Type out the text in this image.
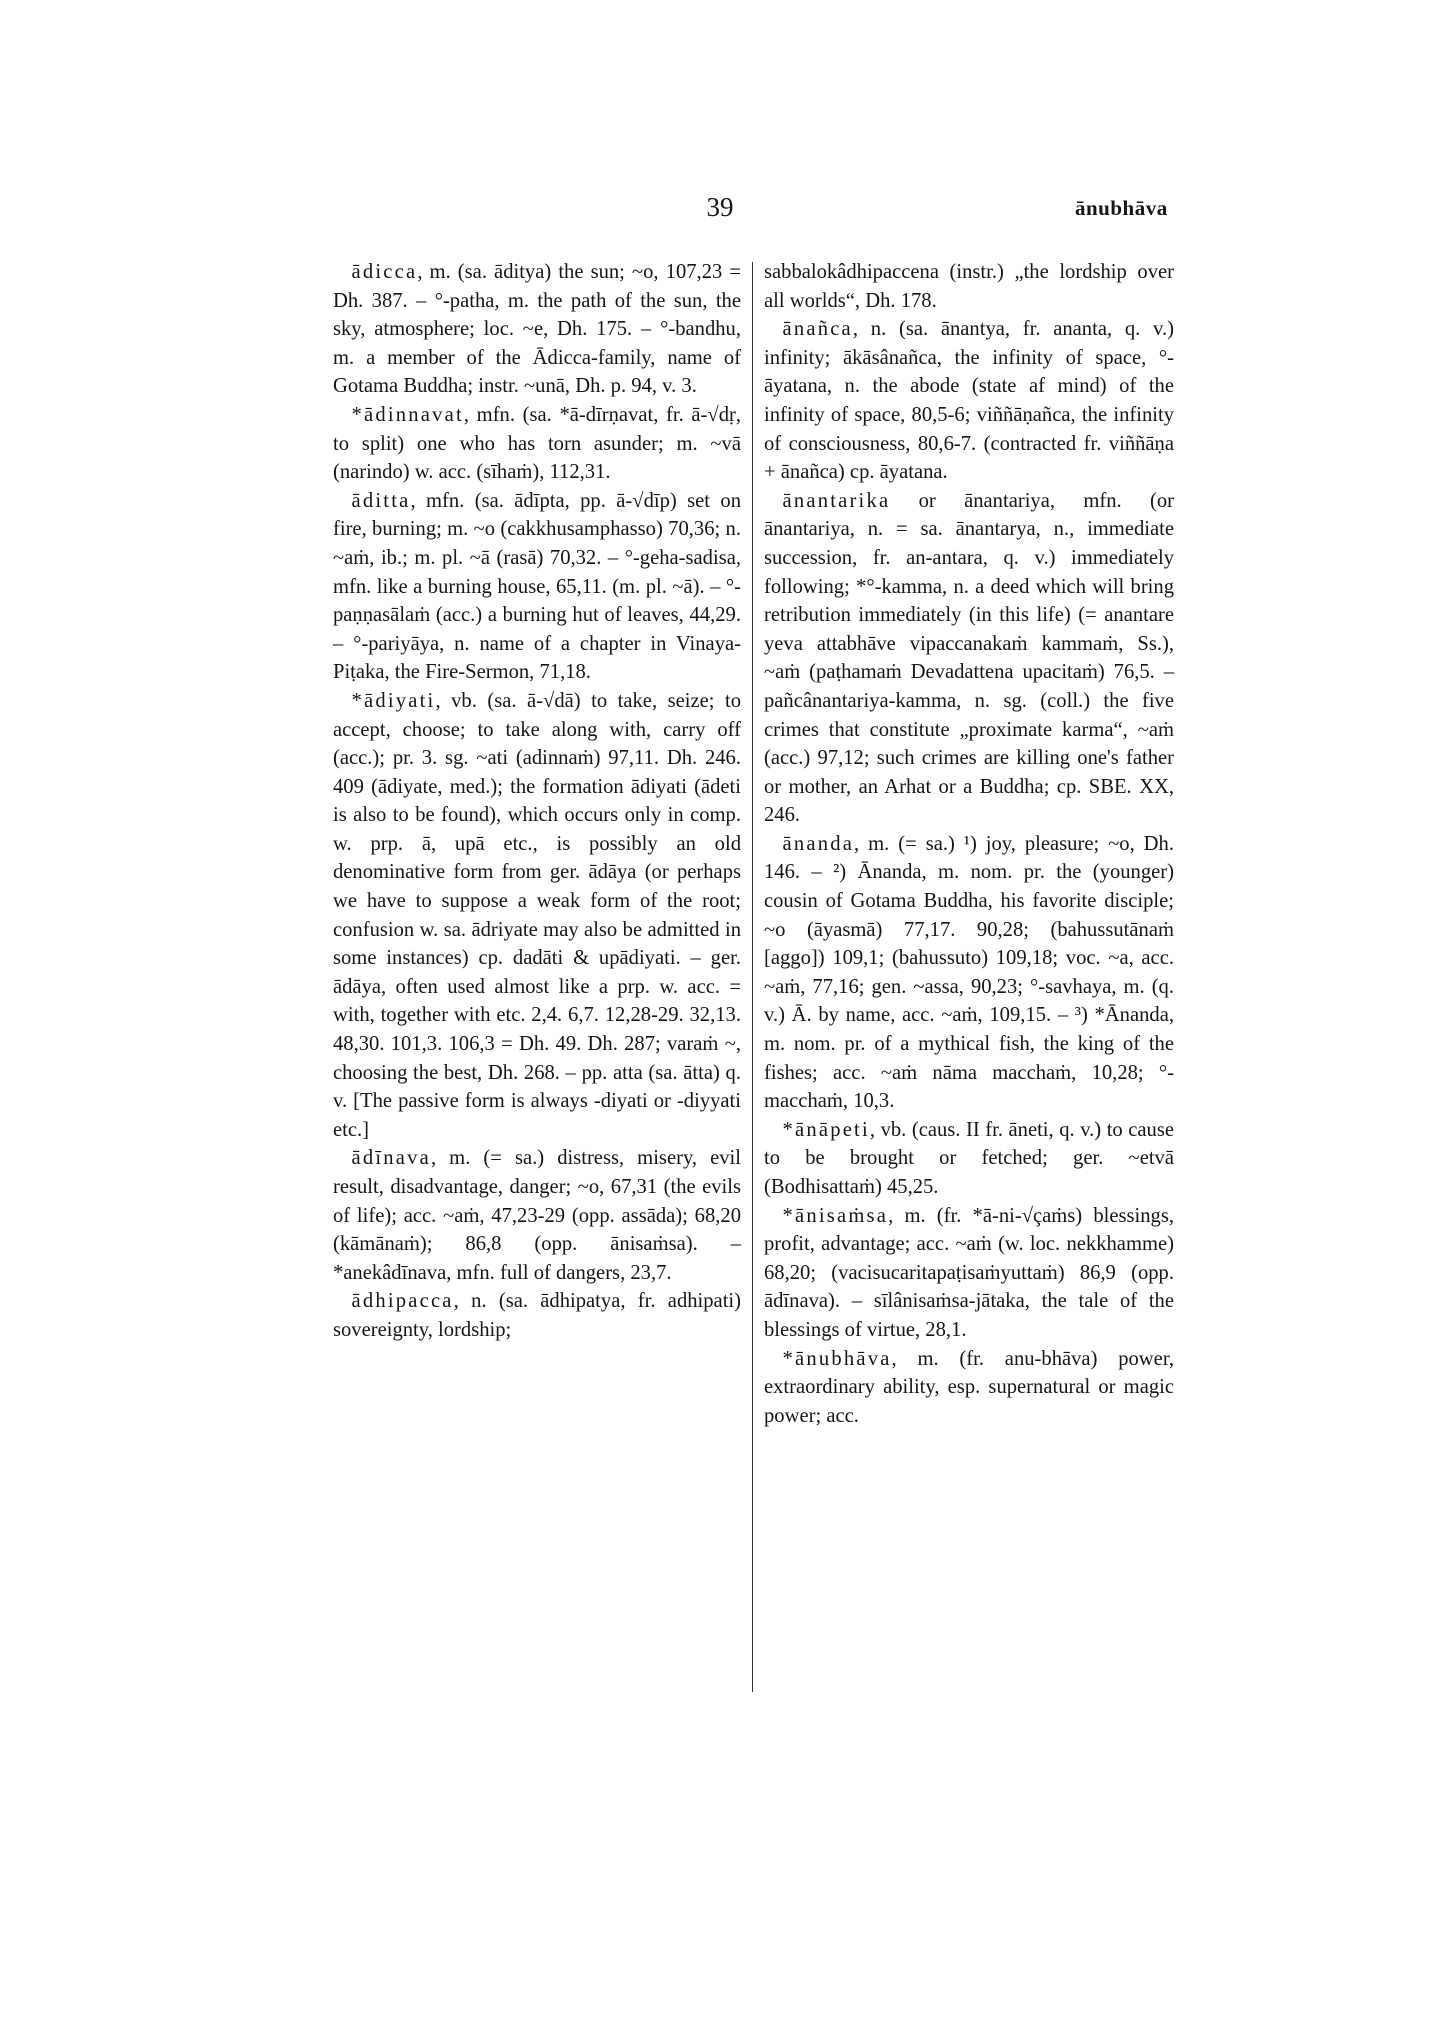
39	ānubhāva

ādicca, m. (sa. āditya) the sun; ~o, 107,23 = Dh. 387. – °-patha, m. the path of the sun, the sky, atmosphere; loc. ~e, Dh. 175. – °-bandhu, m. a member of the Ādicca-family, name of Gotama Buddha; instr. ~unā, Dh. p. 94, v. 3.

*ādinnavat, mfn. (sa. *ā-dīrṇavat, fr. ā-√dṛ, to split) one who has torn asunder; m. ~vā (narindo) w. acc. (sīhaṁ), 112,31.

āditta, mfn. (sa. ādīpta, pp. ā-√dīp) set on fire, burning; m. ~o (cakkhusamphasso) 70,36; n. ~aṁ, ib.; m. pl. ~ā (rasā) 70,32. – °-geha-sadisa, mfn. like a burning house, 65,11. (m. pl. ~ā). – °-paṇṇasālaṁ (acc.) a burning hut of leaves, 44,29. – °-pariyāya, n. name of a chapter in Vinaya-Piṭaka, the Fire-Sermon, 71,18.

*ādiyati, vb. (sa. ā-√dā) to take, seize; to accept, choose; to take along with, carry off (acc.); pr. 3. sg. ~ati (adinnaṁ) 97,11. Dh. 246. 409 (ādiyate, med.); the formation ādiyati (ādeti is also to be found), which occurs only in comp. w. prp. ā, upā etc., is possibly an old denominative form from ger. ādāya (or perhaps we have to suppose a weak form of the root; confusion w. sa. ādriyate may also be admitted in some instances) cp. dadāti & upādiyati. – ger. ādāya, often used almost like a prp. w. acc. = with, together with etc. 2,4. 6,7. 12,28-29. 32,13. 48,30. 101,3. 106,3 = Dh. 49. Dh. 287; varaṁ ~, choosing the best, Dh. 268. – pp. atta (sa. ātta) q. v. [The passive form is always -diyati or -diyyati etc.]

ādīnava, m. (= sa.) distress, misery, evil result, disadvantage, danger; ~o, 67,31 (the evils of life); acc. ~aṁ, 47,23-29 (opp. assāda); 68,20 (kāmānaṁ); 86,8 (opp. ānisaṁsa). – *anekâdīnava, mfn. full of dangers, 23,7.

ādhipacca, n. (sa. ādhipatya, fr. adhipati) sovereignty, lordship;

sabbalokâdhipaccena (instr.) „the lordship over all worlds“, Dh. 178.

ānañca, n. (sa. ānantya, fr. ananta, q. v.) infinity; ākāsânañca, the infinity of space, °-āyatana, n. the abode (state af mind) of the infinity of space, 80,5-6; viññāṇañca, the infinity of consciousness, 80,6-7. (contracted fr. viññāṇa + ānañca) cp. āyatana.

ānantarika or ānantariya, mfn. (or ānantariya, n. = sa. ānantarya, n., immediate succession, fr. an-antara, q. v.) immediately following; *°-kamma, n. a deed which will bring retribution immediately (in this life) (= anantare yeva attabhāve vipaccanakaṁ kammaṁ, Ss.), ~aṁ (paṭhamaṁ Devadattena upacitaṁ) 76,5. – pañcânantariya-kamma, n. sg. (coll.) the five crimes that constitute „proximate karma“, ~aṁ (acc.) 97,12; such crimes are killing one's father or mother, an Arhat or a Buddha; cp. SBE. XX, 246.

ānanda, m. (= sa.) ¹) joy, pleasure; ~o, Dh. 146. – ²) Ānanda, m. nom. pr. the (younger) cousin of Gotama Buddha, his favorite disciple; ~o (āyasmā) 77,17. 90,28; (bahussutānaṁ [aggo]) 109,1; (bahussuto) 109,18; voc. ~a, acc. ~aṁ, 77,16; gen. ~assa, 90,23; °-savhaya, m. (q. v.) Ā. by name, acc. ~aṁ, 109,15. – ³) *Ānanda, m. nom. pr. of a mythical fish, the king of the fishes; acc. ~aṁ nāma macchaṁ, 10,28; °-macchaṁ, 10,3.

*ānāpeti, vb. (caus. II fr. āneti, q. v.) to cause to be brought or fetched; ger. ~etvā (Bodhisattaṁ) 45,25.

*ānisaṁsa, m. (fr. *ā-ni-√çaṁs) blessings, profit, advantage; acc. ~aṁ (w. loc. nekkhamme) 68,20; (vacisucaritapaṭisaṁyuttaṁ) 86,9 (opp. ādīnava). – sīlânisaṁsa-jātaka, the tale of the blessings of virtue, 28,1.

*ānubhāva, m. (fr. anu-bhāva) power, extraordinary ability, esp. supernatural or magic power; acc.
